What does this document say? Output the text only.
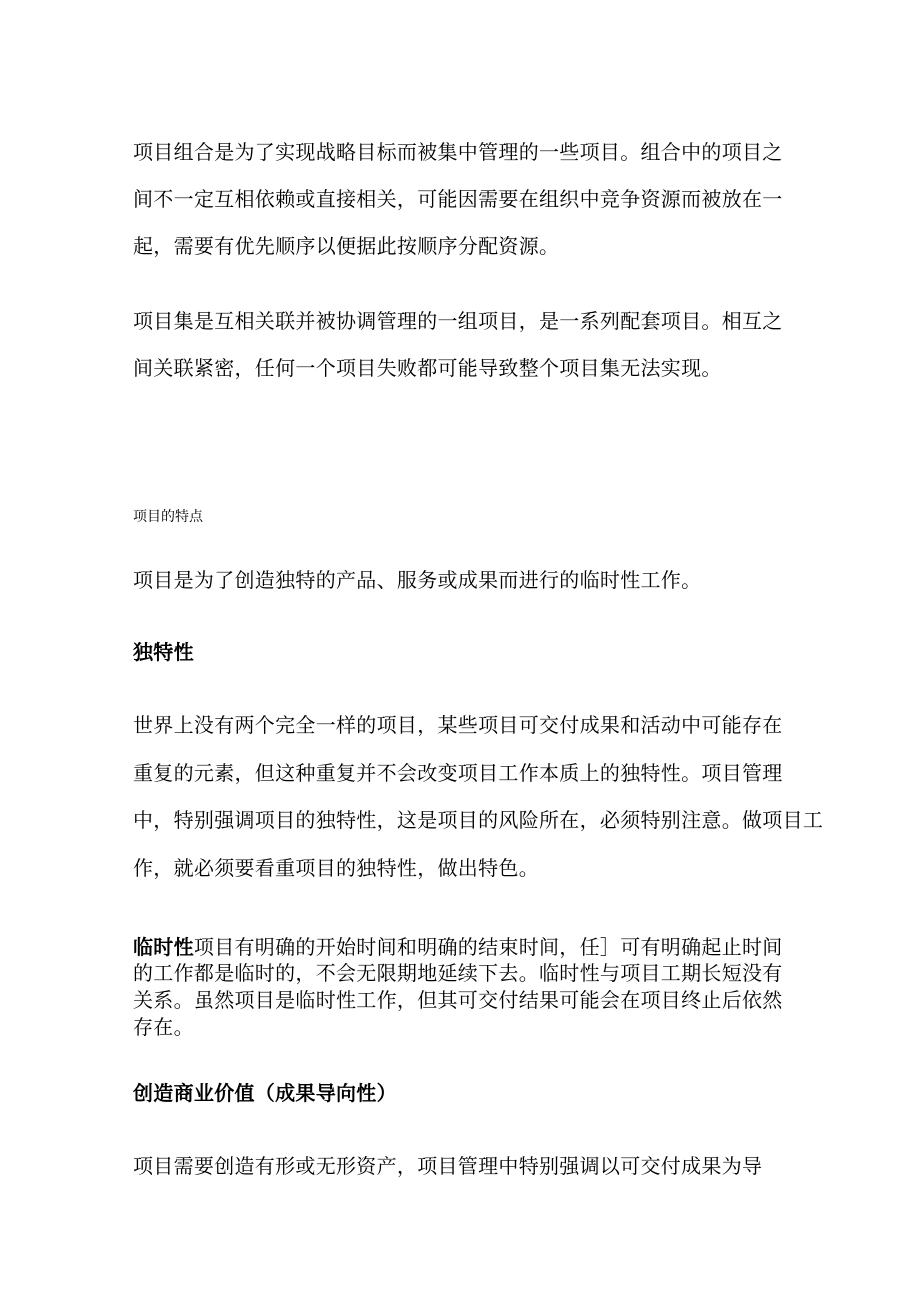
项目组合是为了实现战略目标而被集中管理的一些项目。组合中的项目之
间不一定互相依赖或直接相关，可能因需要在组织中竞争资源而被放在一
起，需要有优先顺序以便据此按顺序分配资源。
项目集是互相关联并被协调管理的一组项目，是一系列配套项目。相互之
间关联紧密，任何一个项目失败都可能导致整个项目集无法实现。
项目的特点
项目是为了创造独特的产品、服务或成果而进行的临时性工作。
独特性
世界上没有两个完全一样的项目，某些项目可交付成果和活动中可能存在
重复的元素，但这种重复并不会改变项目工作本质上的独特性。项目管理
中，特别强调项目的独特性，这是项目的风险所在，必须特别注意。做项目工
作，就必须要看重项目的独特性，做出特色。
临时性项目有明确的开始时间和明确的结束时间，任］可有明确起止时间
的工作都是临时的，不会无限期地延续下去。临时性与项目工期长短没有
关系。虽然项目是临时性工作，但其可交付结果可能会在项目终止后依然
存在。
创造商业价值（成果导向性）
项目需要创造有形或无形资产，项目管理中特别强调以可交付成果为导
